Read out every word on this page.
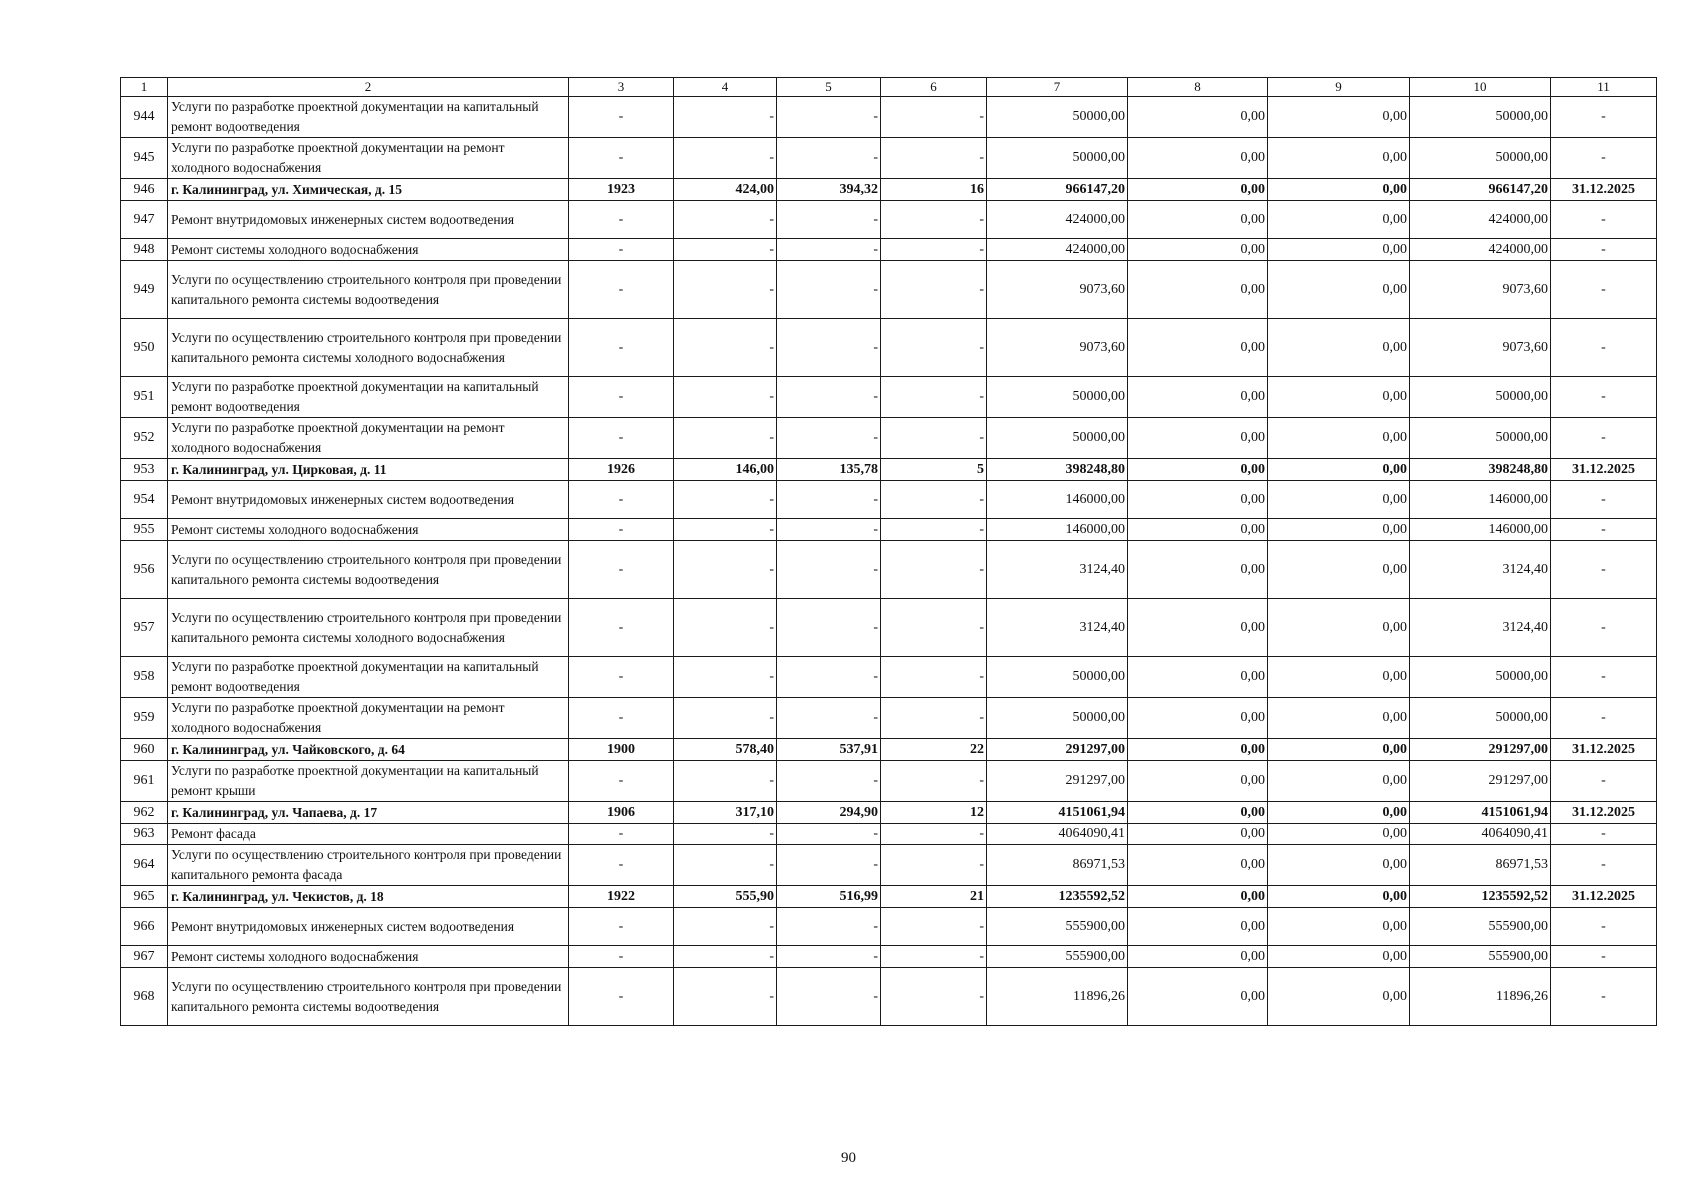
1	2	3	4	5	6	7	8	9	10	11
944	Услуги по разработке проектной документации на капитальный ремонт водоотведения	-	-	-	-	50000,00	0,00	0,00	50000,00	-
945	Услуги по разработке проектной документации на ремонт холодного водоснабжения	-	-	-	-	50000,00	0,00	0,00	50000,00	-
946	г. Калининград, ул. Химическая, д. 15	1923	424,00	394,32	16	966147,20	0,00	0,00	966147,20	31.12.2025
947	Ремонт внутридомовых инженерных систем водоотведения	-	-	-	-	424000,00	0,00	0,00	424000,00	-
948	Ремонт системы холодного водоснабжения	-	-	-	-	424000,00	0,00	0,00	424000,00	-
949	Услуги по осуществлению строительного контроля при проведении капитального ремонта системы водоотведения	-	-	-	-	9073,60	0,00	0,00	9073,60	-
950	Услуги по осуществлению строительного контроля при проведении капитального ремонта системы холодного водоснабжения	-	-	-	-	9073,60	0,00	0,00	9073,60	-
951	Услуги по разработке проектной документации на капитальный ремонт водоотведения	-	-	-	-	50000,00	0,00	0,00	50000,00	-
952	Услуги по разработке проектной документации на ремонт холодного водоснабжения	-	-	-	-	50000,00	0,00	0,00	50000,00	-
953	г. Калининград, ул. Цирковая, д. 11	1926	146,00	135,78	5	398248,80	0,00	0,00	398248,80	31.12.2025
954	Ремонт внутридомовых инженерных систем водоотведения	-	-	-	-	146000,00	0,00	0,00	146000,00	-
955	Ремонт системы холодного водоснабжения	-	-	-	-	146000,00	0,00	0,00	146000,00	-
956	Услуги по осуществлению строительного контроля при проведении капитального ремонта системы водоотведения	-	-	-	-	3124,40	0,00	0,00	3124,40	-
957	Услуги по осуществлению строительного контроля при проведении капитального ремонта системы холодного водоснабжения	-	-	-	-	3124,40	0,00	0,00	3124,40	-
958	Услуги по разработке проектной документации на капитальный ремонт водоотведения	-	-	-	-	50000,00	0,00	0,00	50000,00	-
959	Услуги по разработке проектной документации на ремонт холодного водоснабжения	-	-	-	-	50000,00	0,00	0,00	50000,00	-
960	г. Калининград, ул. Чайковского, д. 64	1900	578,40	537,91	22	291297,00	0,00	0,00	291297,00	31.12.2025
961	Услуги по разработке проектной документации на капитальный ремонт крыши	-	-	-	-	291297,00	0,00	0,00	291297,00	-
962	г. Калининград, ул. Чапаева, д. 17	1906	317,10	294,90	12	4151061,94	0,00	0,00	4151061,94	31.12.2025
963	Ремонт фасада	-	-	-	-	4064090,41	0,00	0,00	4064090,41	-
964	Услуги по осуществлению строительного контроля при проведении капитального ремонта фасада	-	-	-	-	86971,53	0,00	0,00	86971,53	-
965	г. Калининград, ул. Чекистов, д. 18	1922	555,90	516,99	21	1235592,52	0,00	0,00	1235592,52	31.12.2025
966	Ремонт внутридомовых инженерных систем водоотведения	-	-	-	-	555900,00	0,00	0,00	555900,00	-
967	Ремонт системы холодного водоснабжения	-	-	-	-	555900,00	0,00	0,00	555900,00	-
968	Услуги по осуществлению строительного контроля при проведении капитального ремонта системы водоотведения	-	-	-	-	11896,26	0,00	0,00	11896,26	-
90
